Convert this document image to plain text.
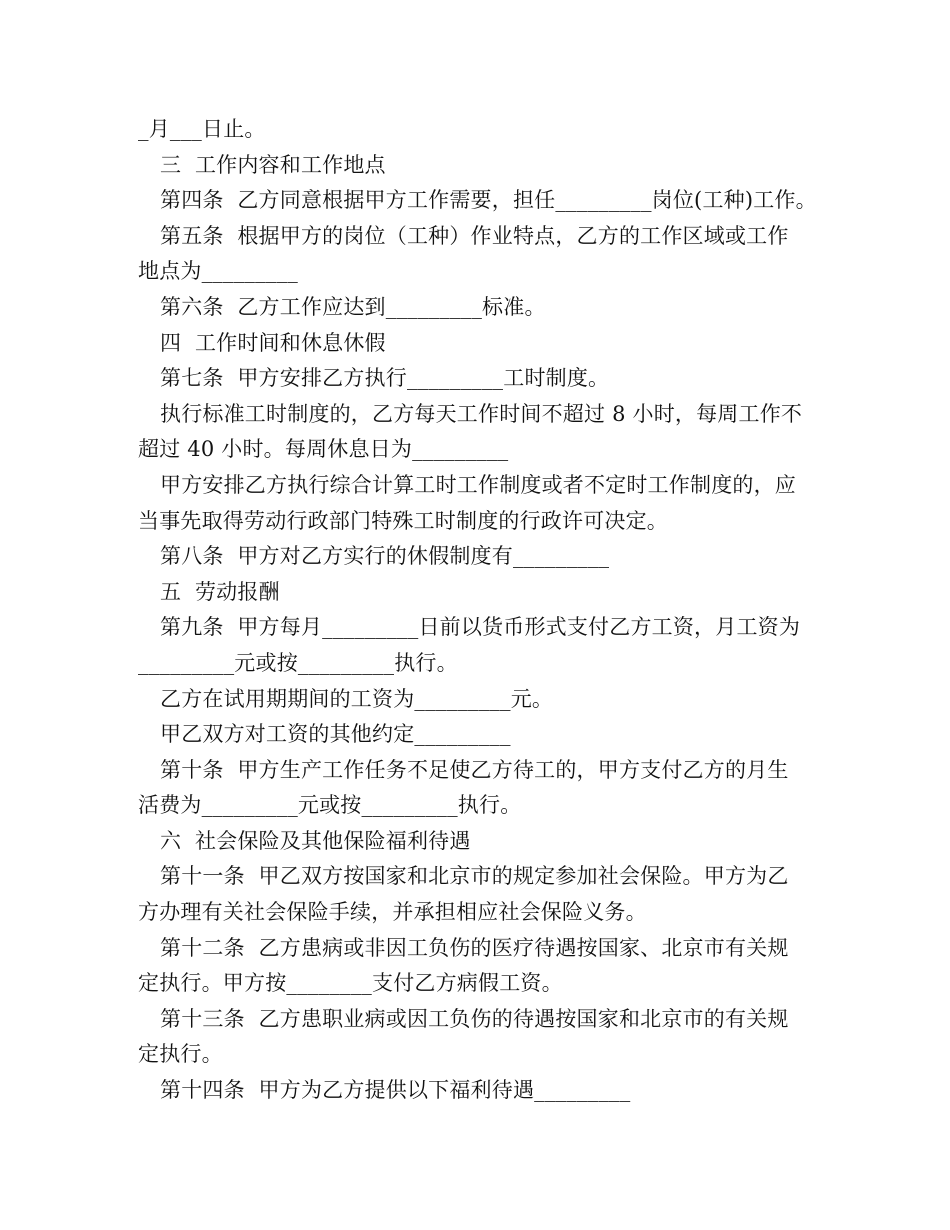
_月___日止。
三  工作内容和工作地点
第四条  乙方同意根据甲方工作需要，担任_________岗位(工种)工作。
第五条  根据甲方的岗位（工种）作业特点，乙方的工作区域或工作
地点为_________
第六条  乙方工作应达到_________标准。
四  工作时间和休息休假
第七条  甲方安排乙方执行_________工时制度。
执行标准工时制度的，乙方每天工作时间不超过 8 小时，每周工作不
超过 40 小时。每周休息日为_________
甲方安排乙方执行综合计算工时工作制度或者不定时工作制度的，应
当事先取得劳动行政部门特殊工时制度的行政许可决定。
第八条  甲方对乙方实行的休假制度有_________
五  劳动报酬
第九条  甲方每月_________日前以货币形式支付乙方工资，月工资为
_________元或按_________执行。
乙方在试用期期间的工资为_________元。
甲乙双方对工资的其他约定_________
第十条  甲方生产工作任务不足使乙方待工的，甲方支付乙方的月生
活费为_________元或按_________执行。
六  社会保险及其他保险福利待遇
第十一条  甲乙双方按国家和北京市的规定参加社会保险。甲方为乙
方办理有关社会保险手续，并承担相应社会保险义务。
第十二条  乙方患病或非因工负伤的医疗待遇按国家、北京市有关规
定执行。甲方按________支付乙方病假工资。
第十三条  乙方患职业病或因工负伤的待遇按国家和北京市的有关规
定执行。
第十四条  甲方为乙方提供以下福利待遇_________
